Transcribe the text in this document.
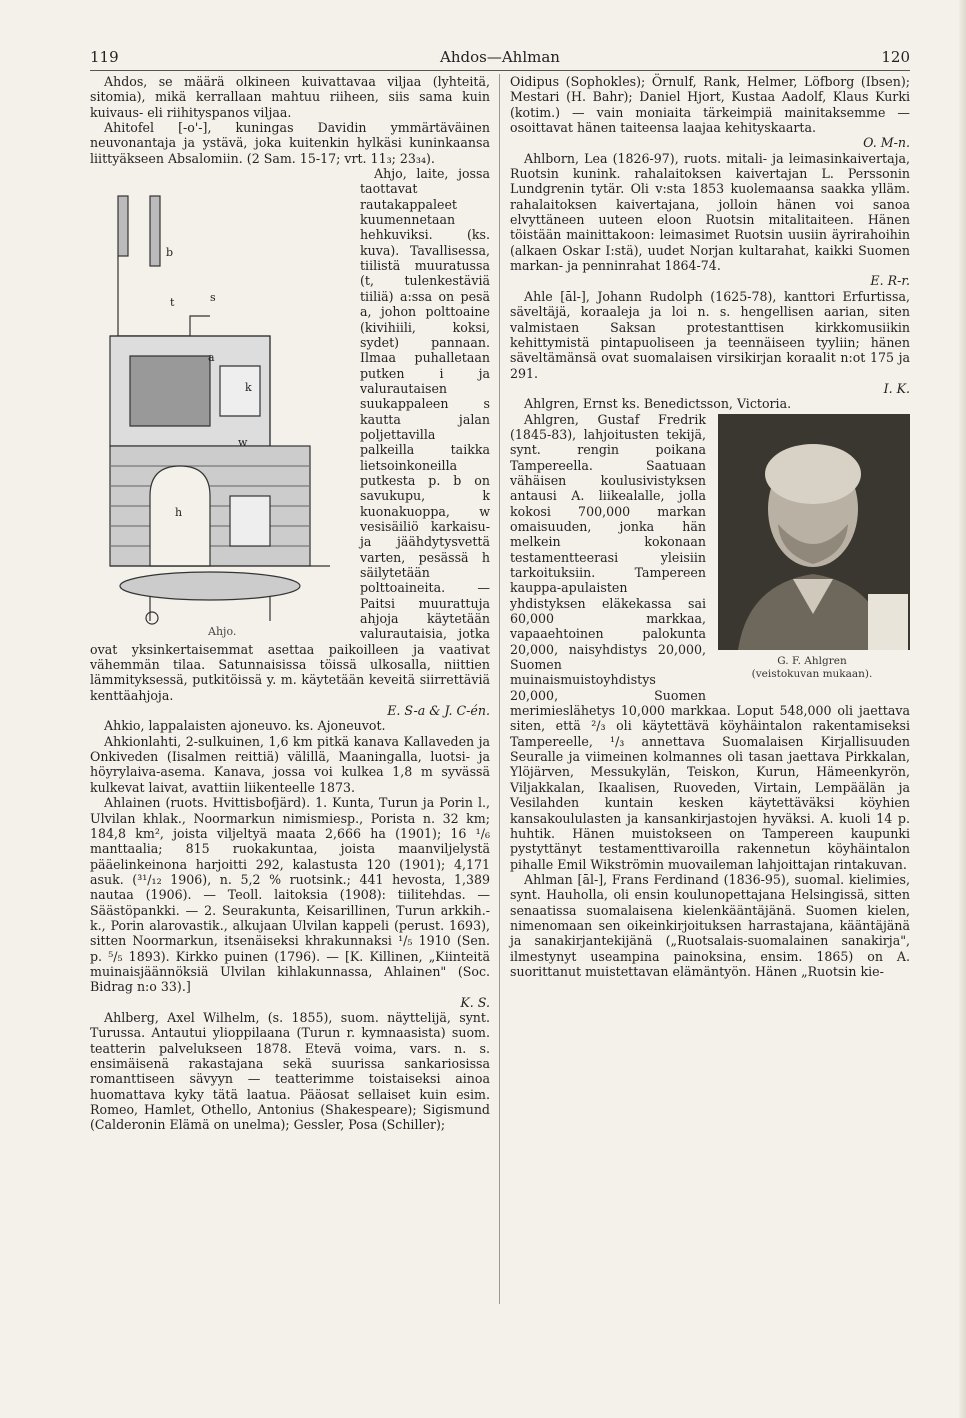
119	Ahdos—Ahlman	120

Ahdos, se määrä olkineen kuivattavaa viljaa (lyhteitä, sitomia), mikä kerrallaan mahtuu riiheen, siis sama kuin kuivaus- eli riihityspanos viljaa.

Ahitofel [-o'-], kuningas Davidin ymmärtäväinen neuvonantaja ja ystävä, joka kuitenkin hylkäsi kuninkaansa liittyäkseen Absalomiin. (2 Sam. 15-17; vrt. 11₃; 23₃₄).

b
t	s
a
k
w
h
Ahjo.

Ahjo, laite, jossa taottavat rautakappaleet kuumennetaan hehkuviksi. (ks. kuva). Tavallisessa, tiilistä muuratussa (t, tulenkestäviä tiiliä) a:ssa on pesä a, johon polttoaine (kivihiili, koksi, sydet) pannaan. Ilmaa puhalletaan putken i ja valurautaisen suukappaleen s kautta jalan poljettavilla palkeilla taikka lietsoinkoneilla putkesta p. b on savukupu, k kuonakuoppa, w vesisäiliö karkaisu- ja jäähdytysvettä varten, pesässä h säilytetään polttoaineita. — Paitsi muurattuja ahjoja käytetään valurautaisia, jotka ovat yksinkertaisemmat asettaa paikoilleen ja vaativat vähemmän tilaa. Satunnaisissa töissä ulkosalla, niittien lämmityksessä, putkitöissä y. m. käytetään keveitä siirrettäviä kenttäahjoja.

E. S-a & J. C-én.

Ahkio, lappalaisten ajoneuvo. ks. Ajoneuvot.

Ahkionlahti, 2-sulkuinen, 1,6 km pitkä kanava Kallaveden ja Onkiveden (Iisalmen reittiä) välillä, Maaningalla, luotsi- ja höyrylaiva-asema. Kanava, jossa voi kulkea 1,8 m syvässä kulkevat laivat, avattiin liikenteelle 1873.

Ahlainen (ruots. Hvittisbofjärd). 1. Kunta, Turun ja Porin l., Ulvilan khlak., Noormarkun nimismiesp., Porista n. 32 km; 184,8 km², joista viljeltyä maata 2,666 ha (1901); 16 ¹/₆ manttaalia; 815 ruokakuntaa, joista maanviljelystä pääelinkeinona harjoitti 292, kalastusta 120 (1901); 4,171 asuk. (³¹/₁₂ 1906), n. 5,2 % ruotsink.; 441 hevosta, 1,389 nautaa (1906). — Teoll. laitoksia (1908): tiilitehdas. — Säästöpankki. — 2. Seurakunta, Keisarillinen, Turun arkkih.-k., Porin alarovastik., alkujaan Ulvilan kappeli (perust. 1693), sitten Noormarkun, itsenäiseksi khrakunnaksi ¹/₅ 1910 (Sen. p. ⁵/₅ 1893). Kirkko puinen (1796). — [K. Killinen, „Kiinteitä muinaisjäännöksiä Ulvilan kihlakunnassa, Ahlainen" (Soc. Bidrag n:o 33).]

K. S.

Ahlberg, Axel Wilhelm, (s. 1855), suom. näyttelijä, synt. Turussa. Antautui ylioppilaana (Turun r. kymnaasista) suom. teatterin palvelukseen 1878. Etevä voima, vars. n. s. ensimäisenä rakastajana sekä suurissa sankariosissa romanttiseen sävyyn — teatterimme toistaiseksi ainoa huomattava kyky tätä laatua. Pääosat sellaiset kuin esim. Romeo, Hamlet, Othello, Antonius (Shakespeare); Sigismund (Calderonin Elämä on unelma); Gessler, Posa (Schiller);

Oidipus (Sophokles); Örnulf, Rank, Helmer, Löfborg (Ibsen); Mestari (H. Bahr); Daniel Hjort, Kustaa Aadolf, Klaus Kurki (kotim.) — vain moniaita tärkeimpiä mainitaksemme — osoittavat hänen taiteensa laajaa kehityskaarta.

O. M-n.

Ahlborn, Lea (1826-97), ruots. mitali- ja leimasinkaivertaja, Ruotsin kunink. rahalaitoksen kaivertajan L. Perssonin Lundgrenin tytär. Oli v:sta 1853 kuolemaansa saakka ylläm. rahalaitoksen kaivertajana, jolloin hänen voi sanoa elvyttäneen uuteen eloon Ruotsin mitalitaiteen. Hänen töistään mainittakoon: leimasimet Ruotsin uusiin äyrirahoihin (alkaen Oskar I:stä), uudet Norjan kultarahat, kaikki Suomen markan- ja penninrahat 1864-74.

E. R-r.

Ahle [āl-], Johann Rudolph (1625-78), kanttori Erfurtissa, säveltäjä, koraaleja ja loi n. s. hengellisen aarian, siten valmistaen Saksan protestanttisen kirkkomusiikin kehittymistä pintapuoliseen ja teennäiseen tyyliin; hänen säveltämänsä ovat suomalaisen virsikirjan koraalit n:ot 175 ja 291.

I. K.

Ahlgren, Ernst ks. Benedictsson, Victoria.

G. F. Ahlgren
(veistokuvan mukaan).

Ahlgren, Gustaf Fredrik (1845-83), lahjoitusten tekijä, synt. rengin poikana Tampereella. Saatuaan vähäisen koulusivistyksen antausi A. liikealalle, jolla kokosi 700,000 markan omaisuuden, jonka hän melkein kokonaan testamentteerasi yleisiin tarkoituksiin. Tampereen kauppa-apulaisten yhdistyksen eläkekassa sai 60,000 markkaa, vapaaehtoinen palokunta 20,000, naisyhdistys 20,000, Suomen muinaismuistoyhdistys 20,000, Suomen merimieslähetys 10,000 markkaa. Loput 548,000 oli jaettava siten, että ²/₃ oli käytettävä köyhäintalon rakentamiseksi Tampereelle, ¹/₃ annettava Suomalaisen Kirjallisuuden Seuralle ja viimeinen kolmannes oli tasan jaettava Pirkkalan, Ylöjärven, Messukylän, Teiskon, Kurun, Hämeenkyrön, Viljakkalan, Ikaalisen, Ruoveden, Virtain, Lempäälän ja Vesilahden kuntain kesken käytettäväksi köyhien kansakoululasten ja kansankirjastojen hyväksi. A. kuoli 14 p. huhtik. Hänen muistokseen on Tampereen kaupunki pystyttänyt testamenttivaroilla rakennetun köyhäintalon pihalle Emil Wikströmin muovaileman lahjoittajan rintakuvan.

Ahlman [āl-], Frans Ferdinand (1836-95), suomal. kielimies, synt. Hauholla, oli ensin koulunopettajana Helsingissä, sitten senaatissa suomalaisena kielenkääntäjänä. Suomen kielen, nimenomaan sen oikeinkirjoituksen harrastajana, kääntäjänä ja sanakirjantekijänä („Ruotsalais-suomalainen sanakirja", ilmestynyt useampina painoksina, ensim. 1865) on A. suorittanut muistettavan elämäntyön. Hänen „Ruotsin kie-
